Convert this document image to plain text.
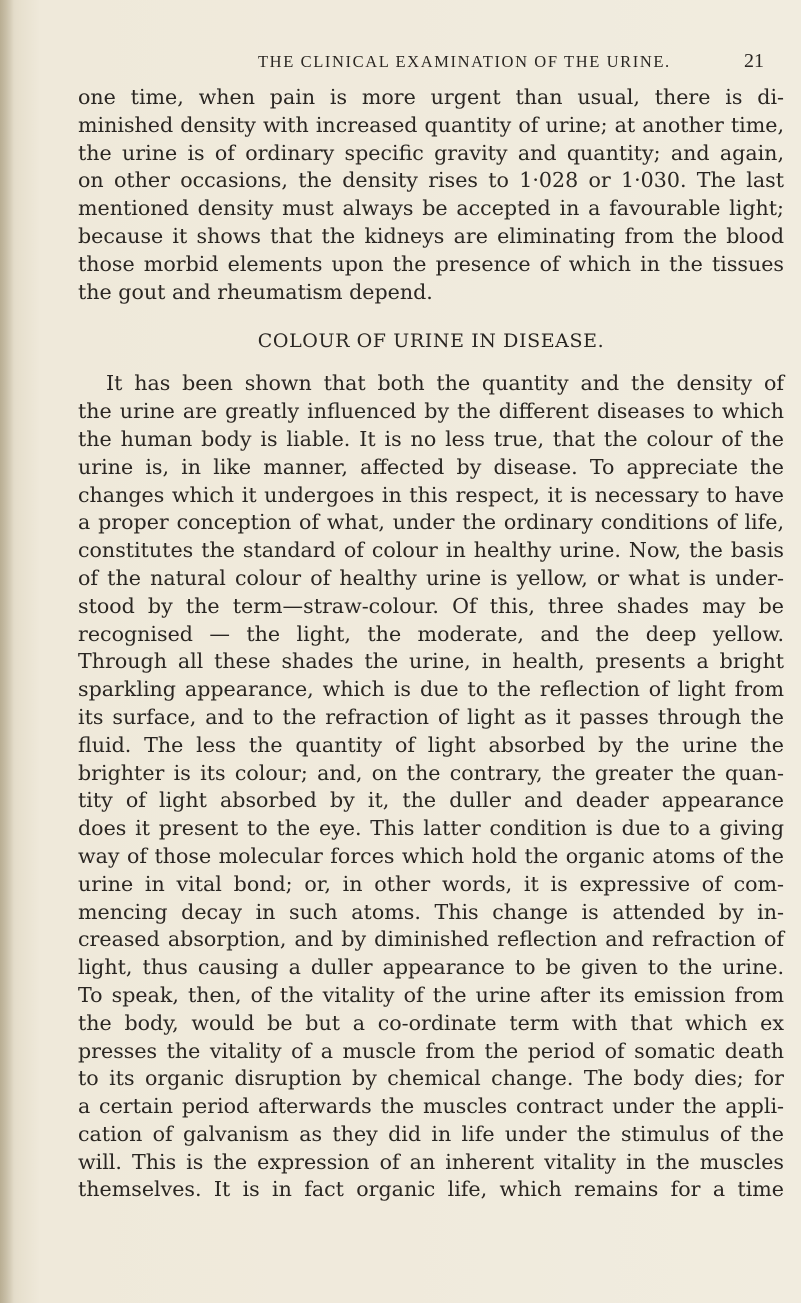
THE CLINICAL EXAMINATION OF THE URINE.	21
one time, when pain is more urgent than usual, there is di-
minished density with increased quantity of urine; at another time,
the urine is of ordinary specific gravity and quantity; and again,
on other occasions, the density rises to 1·028 or 1·030. The last
mentioned density must always be accepted in a favourable light;
because it shows that the kidneys are eliminating from the blood
those morbid elements upon the presence of which in the tissues
the gout and rheumatism depend.
COLOUR OF URINE IN DISEASE.
It has been shown that both the quantity and the density of
the urine are greatly influenced by the different diseases to which
the human body is liable. It is no less true, that the colour of the
urine is, in like manner, affected by disease. To appreciate the
changes which it undergoes in this respect, it is necessary to have
a proper conception of what, under the ordinary conditions of life,
constitutes the standard of colour in healthy urine. Now, the basis
of the natural colour of healthy urine is yellow, or what is under-
stood by the term—straw-colour. Of this, three shades may be
recognised — the light, the moderate, and the deep yellow.
Through all these shades the urine, in health, presents a bright
sparkling appearance, which is due to the reflection of light from
its surface, and to the refraction of light as it passes through the
fluid. The less the quantity of light absorbed by the urine the
brighter is its colour; and, on the contrary, the greater the quan-
tity of light absorbed by it, the duller and deader appearance
does it present to the eye. This latter condition is due to a giving
way of those molecular forces which hold the organic atoms of the
urine in vital bond; or, in other words, it is expressive of com-
mencing decay in such atoms. This change is attended by in-
creased absorption, and by diminished reflection and refraction of
light, thus causing a duller appearance to be given to the urine.
To speak, then, of the vitality of the urine after its emission from
the body, would be but a co-ordinate term with that which ex
presses the vitality of a muscle from the period of somatic death
to its organic disruption by chemical change. The body dies; for
a certain period afterwards the muscles contract under the appli-
cation of galvanism as they did in life under the stimulus of the
will. This is the expression of an inherent vitality in the muscles
themselves. It is in fact organic life, which remains for a time
